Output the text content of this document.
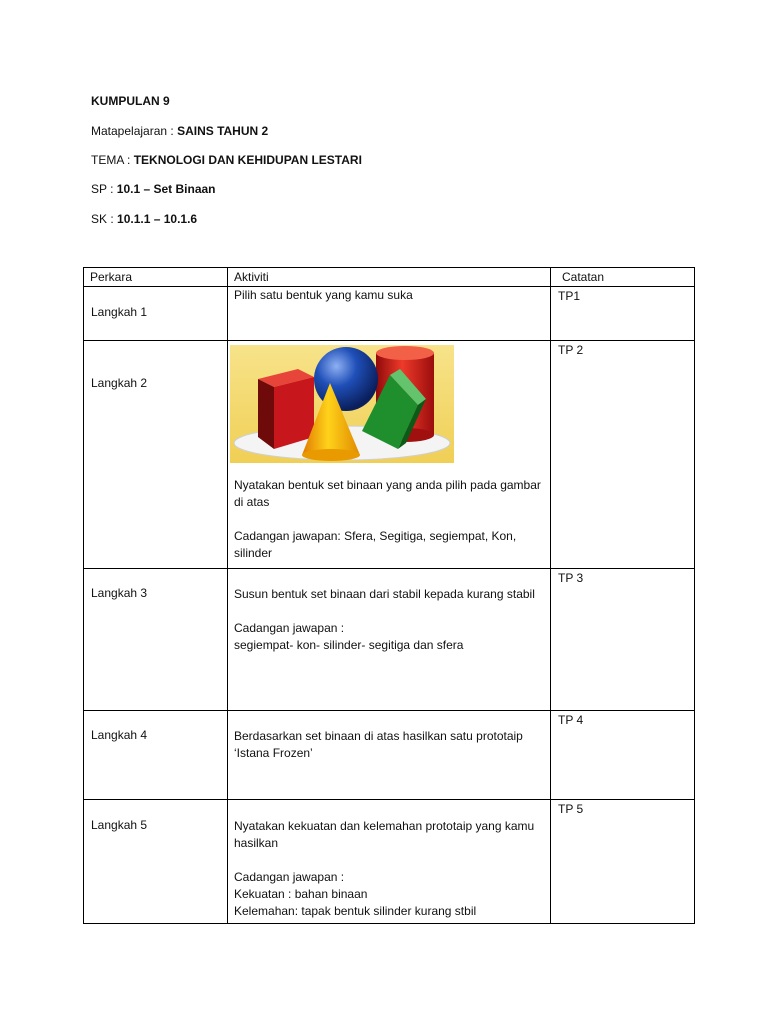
KUMPULAN 9
Matapelajaran : SAINS TAHUN 2
TEMA : TEKNOLOGI DAN KEHIDUPAN LESTARI
SP : 10.1 – Set Binaan
SK : 10.1.1 – 10.1.6
Perkara	Aktiviti	Catatan

Langkah 1	Pilih satu bentuk yang kamu suka	TP1

Langkah 2	Nyatakan bentuk set binaan yang anda pilih pada gambar di atas
Cadangan jawapan: Sfera, Segitiga, segiempat, Kon, silinder	TP 2

Langkah 3	Susun bentuk set binaan dari stabil kepada kurang stabil
Cadangan jawapan :
segiempat- kon- silinder- segitiga dan sfera	TP 3

Langkah 4	Berdasarkan set binaan di atas hasilkan satu prototaip ‘Istana Frozen’	TP 4

Langkah 5	Nyatakan kekuatan dan kelemahan prototaip yang kamu hasilkan
Cadangan jawapan :
Kekuatan : bahan binaan
Kelemahan: tapak bentuk silinder kurang stbil	TP 5
